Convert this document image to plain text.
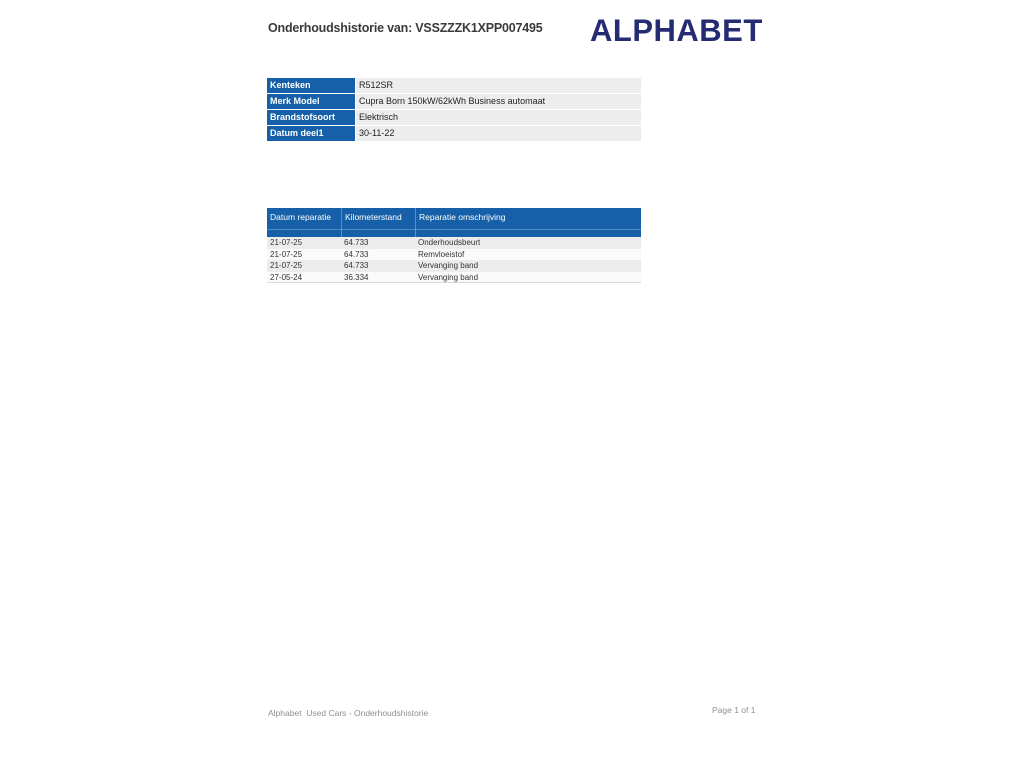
Onderhoudshistorie van: VSSZZZK1XPP007495 ALPHABET
Kenteken	R512SR
Merk Model	Cupra Born 150kW/62kWh Business automaat
Brandstofsoort	Elektrisch
Datum deel1	30-11-22
Datum reparatie	Kilometerstand	Reparatie omschrijving
21-07-25	64.733	Onderhoudsbeurt
21-07-25	64.733	Remvloeistof
21-07-25	64.733	Vervanging band
27-05-24	36.334	Vervanging band
Alphabet  Used Cars - Onderhoudshistorie	Page 1 of 1
